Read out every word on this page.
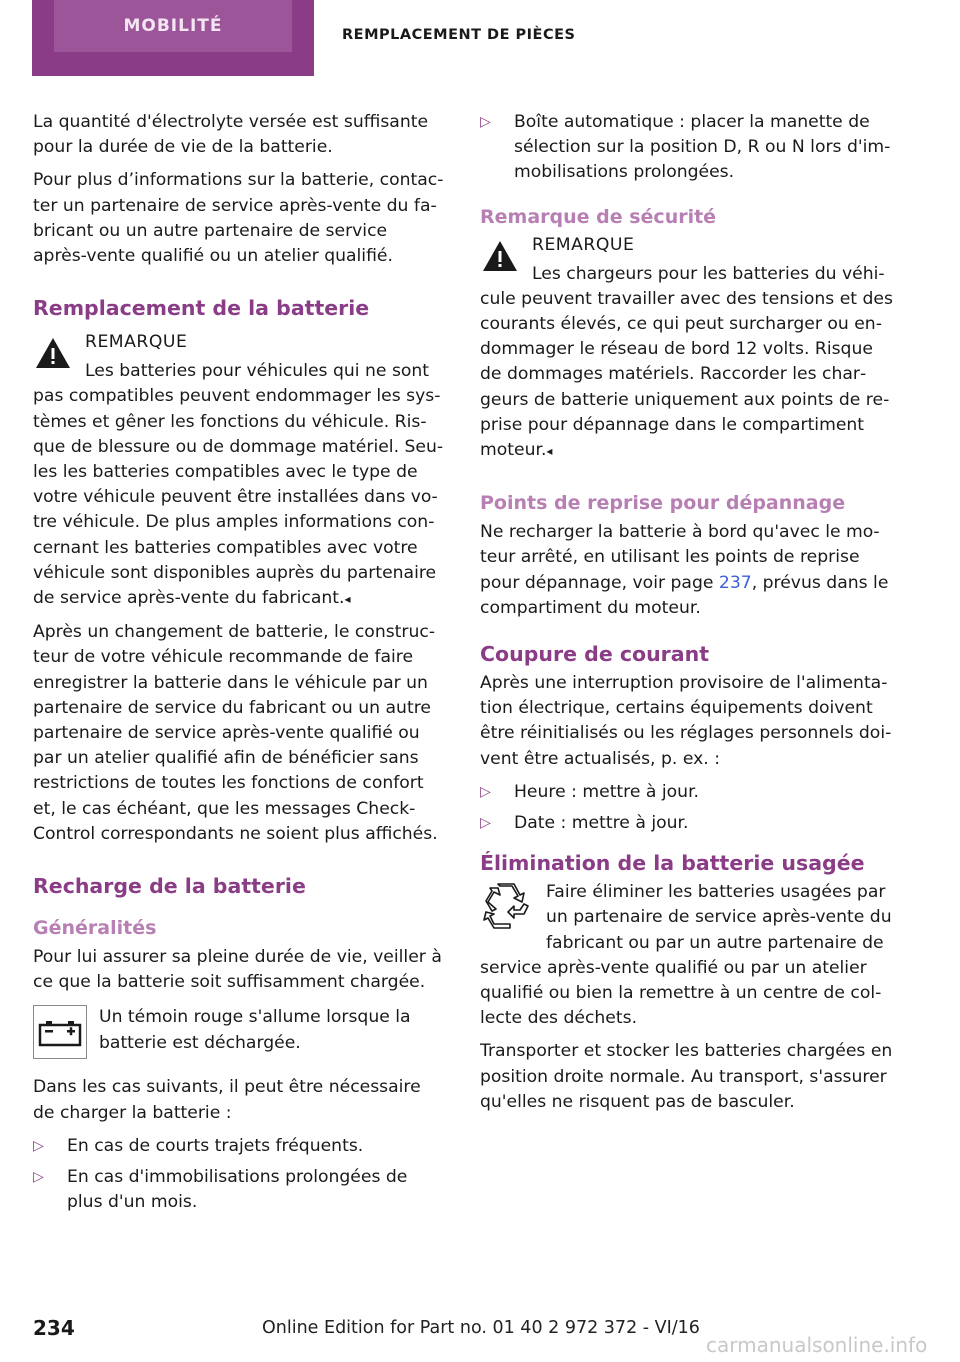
MOBILITÉ	REMPLACEMENT DE PIÈCES

La quantité d'électrolyte versée est suffisante pour la durée de vie de la batterie.

Pour plus d’informations sur la batterie, contacter un partenaire de service après-vente du fabricant ou un autre partenaire de service après-vente qualifié ou un atelier qualifié.

Remplacement de la batterie
REMARQUE
Les batteries pour véhicules qui ne sont pas compatibles peuvent endommager les systèmes et gêner les fonctions du véhicule. Risque de blessure ou de dommage matériel. Seules les batteries compatibles avec le type de votre véhicule peuvent être installées dans votre véhicule. De plus amples informations concernant les batteries compatibles avec votre véhicule sont disponibles auprès du partenaire de service après-vente du fabricant.◂

Après un changement de batterie, le constructeur de votre véhicule recommande de faire enregistrer la batterie dans le véhicule par un partenaire de service du fabricant ou un autre partenaire de service après-vente qualifié ou par un atelier qualifié afin de bénéficier sans restrictions de toutes les fonctions de confort et, le cas échéant, que les messages Check-Control correspondants ne soient plus affichés.

Recharge de la batterie
Généralités

Pour lui assurer sa pleine durée de vie, veiller à ce que la batterie soit suffisamment chargée.

Un témoin rouge s'allume lorsque la batterie est déchargée.

Dans les cas suivants, il peut être nécessaire de charger la batterie :

▷ En cas de courts trajets fréquents.
▷ En cas d'immobilisations prolongées de plus d'un mois.
▷ Boîte automatique : placer la manette de sélection sur la position D, R ou N lors d'immobilisations prolongées.
Remarque de sécurité
REMARQUE
Les chargeurs pour les batteries du véhicule peuvent travailler avec des tensions et des courants élevés, ce qui peut surcharger ou endommager le réseau de bord 12 volts. Risque de dommages matériels. Raccorder les chargeurs de batterie uniquement aux points de reprise pour dépannage dans le compartiment moteur.◂
Points de reprise pour dépannage

Ne recharger la batterie à bord qu'avec le moteur arrêté, en utilisant les points de reprise pour dépannage, voir page 237, prévus dans le compartiment du moteur.

Coupure de courant

Après une interruption provisoire de l'alimentation électrique, certains équipements doivent être réinitialisés ou les réglages personnels doivent être actualisés, p. ex. :

▷ Heure : mettre à jour.
▷ Date : mettre à jour.
Élimination de la batterie usagée
Faire éliminer les batteries usagées par un partenaire de service après-vente du fabricant ou par un autre partenaire de service après-vente qualifié ou par un atelier qualifié ou bien la remettre à un centre de collecte des déchets.

Transporter et stocker les batteries chargées en position droite normale. Au transport, s'assurer qu'elles ne risquent pas de basculer.

234	Online Edition for Part no. 01 40 2 972 372 - VI/16
carmanualsonline.info
